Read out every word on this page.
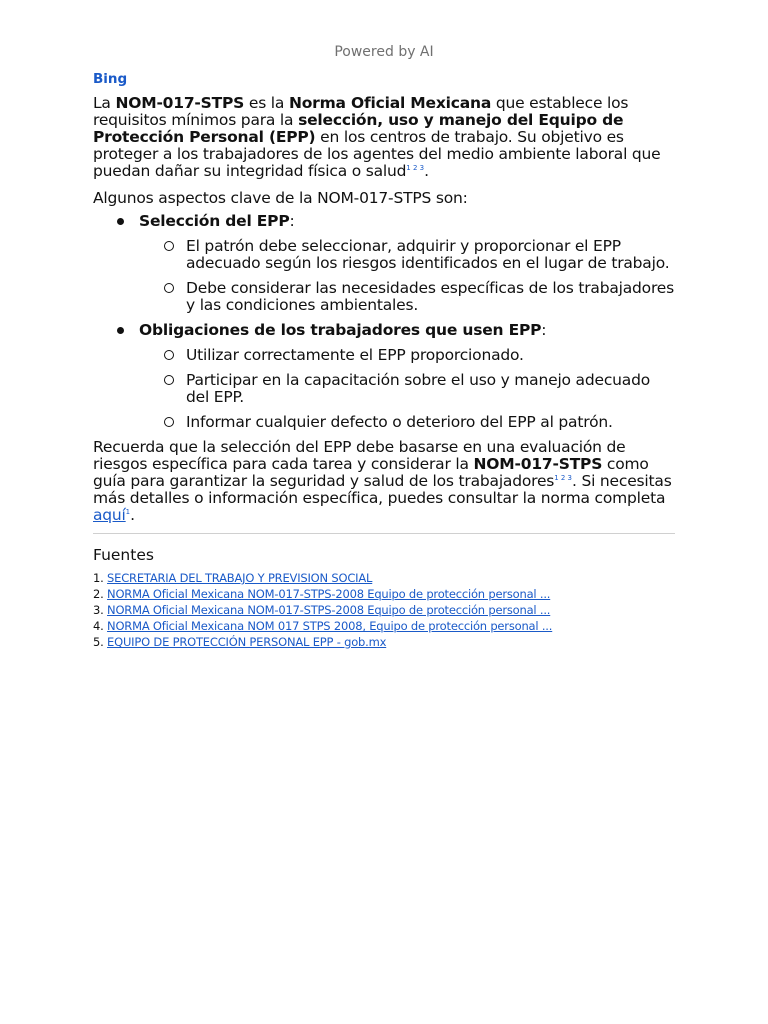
Powered by AI
Bing

La NOM-017-STPS es la Norma Oficial Mexicana que establece los requisitos mínimos para la selección, uso y manejo del Equipo de Protección Personal (EPP) en los centros de trabajo. Su objetivo es proteger a los trabajadores de los agentes del medio ambiente laboral que puedan dañar su integridad física o salud$^{1 2 3}$.

Algunos aspectos clave de la NOM-017-STPS son:

Selección del EPP:
El patrón debe seleccionar, adquirir y proporcionar el EPP adecuado según los riesgos identificados en el lugar de trabajo.
Debe considerar las necesidades específicas de los trabajadores y las condiciones ambientales.
Obligaciones de los trabajadores que usen EPP:
Utilizar correctamente el EPP proporcionado.
Participar en la capacitación sobre el uso y manejo adecuado del EPP.
Informar cualquier defecto o deterioro del EPP al patrón.

Recuerda que la selección del EPP debe basarse en una evaluación de riesgos específica para cada tarea y considerar la NOM-017-STPS como guía para garantizar la seguridad y salud de los trabajadores$^{1 2 3}$. Si necesitas más detalles o información específica, puedes consultar la norma completa aquí$^1$.

Fuentes
1. SECRETARIA DEL TRABAJO Y PREVISION SOCIAL
2. NORMA Oficial Mexicana NOM-017-STPS-2008 Equipo de protección personal ...
3. NORMA Oficial Mexicana NOM-017-STPS-2008 Equipo de protección personal ...
4. NORMA Oficial Mexicana NOM 017 STPS 2008, Equipo de protección personal ...
5. EQUIPO DE PROTECCIÓN PERSONAL EPP - gob.mx
